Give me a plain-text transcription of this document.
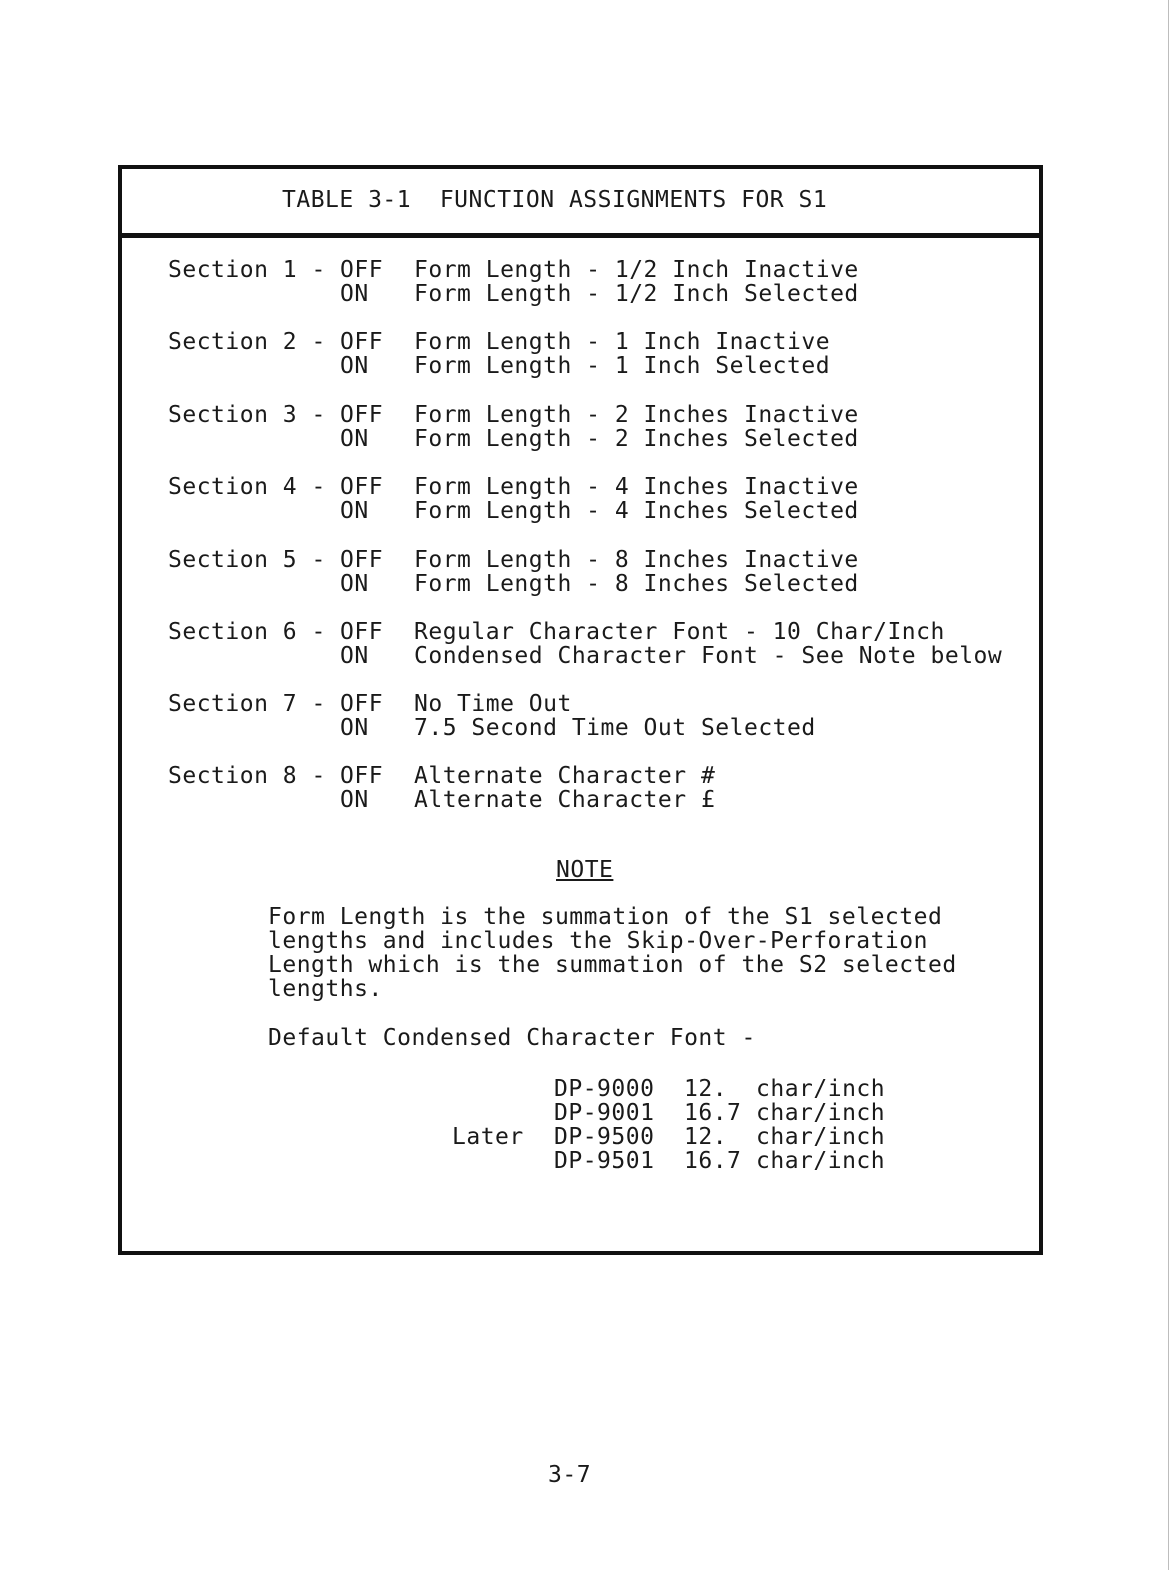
TABLE 3-1  FUNCTION ASSIGNMENTS FOR S1

Section 1 -

OFF

Form Length - 1/2 Inch Inactive

ON

Form Length - 1/2 Inch Selected

Section 2 -

OFF

Form Length - 1 Inch Inactive

ON

Form Length - 1 Inch Selected

Section 3 -

OFF

Form Length - 2 Inches Inactive

ON

Form Length - 2 Inches Selected

Section 4 -

OFF

Form Length - 4 Inches Inactive

ON

Form Length - 4 Inches Selected

Section 5 -

OFF

Form Length - 8 Inches Inactive

ON

Form Length - 8 Inches Selected

Section 6 -

OFF

Regular Character Font - 10 Char/Inch

ON

Condensed Character Font - See Note below

Section 7 -

OFF

No Time Out

ON

7.5 Second Time Out Selected

Section 8 -

OFF

Alternate Character #

ON

Alternate Character £

NOTE
Form Length is the summation of the S1 selected
lengths and includes the Skip-Over-Perforation
Length which is the summation of the S2 selected
lengths.
Default Condensed Character Font -

DP-9000

12.

char/inch

DP-9001

16.7

char/inch

Later

DP-9500

12.

char/inch

DP-9501

16.7

char/inch

3-7
